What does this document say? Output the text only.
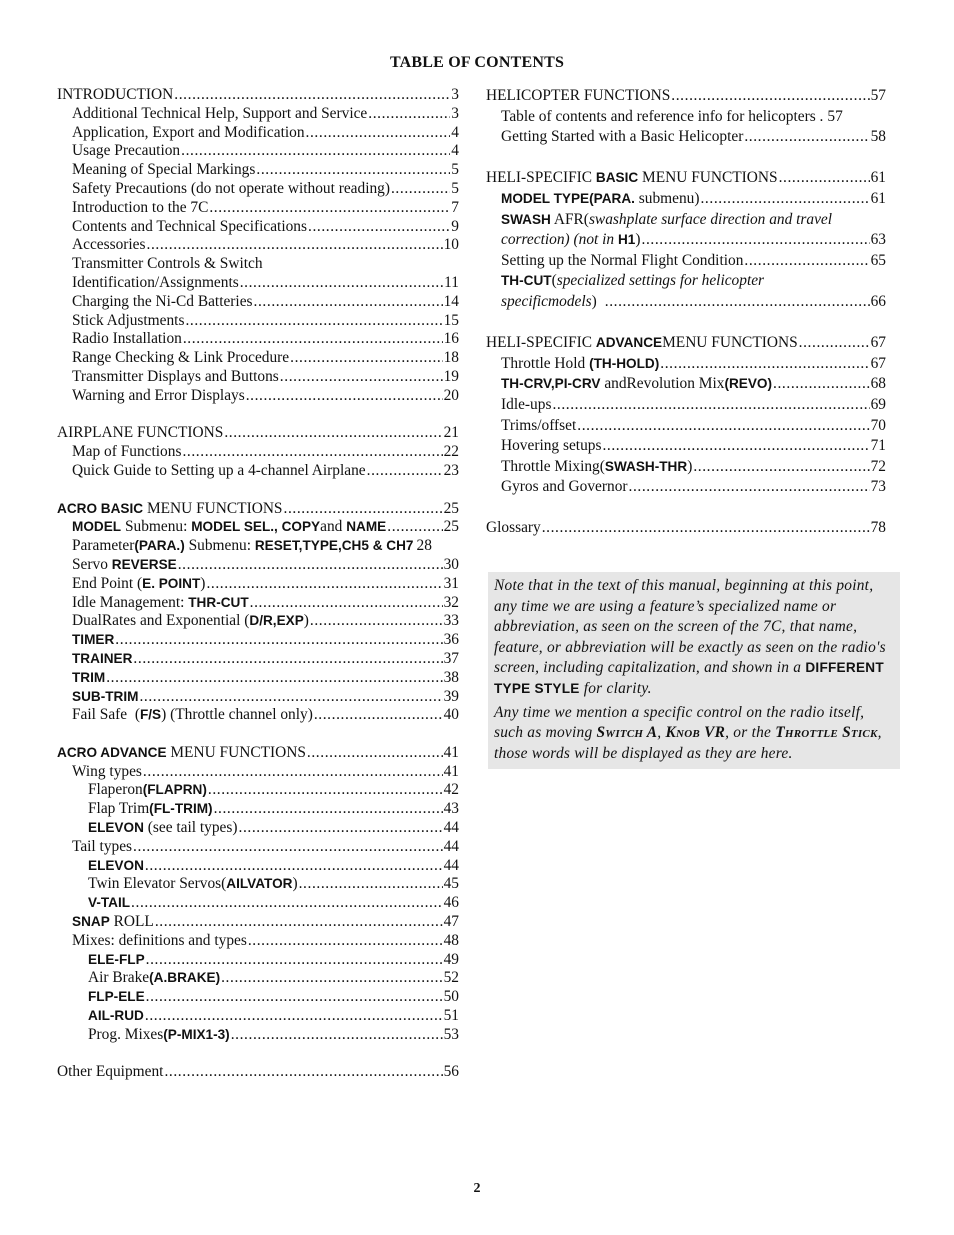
TABLE OF CONTENTS
INTRODUCTION .....	3
Additional Technical Help, Support and Service .....	3
Application, Export and Modification .....	4
Usage Precaution .....	4
Meaning of Special Markings .....	5
Safety Precautions (do not operate without reading) .....	5
Introduction to the 7C .....	7
Contents and Technical Specifications .....	9
Accessories .....	10
Transmitter Controls & Switch
Identification/Assignments .....	11
Charging the Ni-Cd Batteries .....	14
Stick Adjustments .....	15
Radio Installation .....	16
Range Checking & Link Procedure .....	18
Transmitter Displays and Buttons .....	19
Warning and Error Displays .....	20
AIRPLANE FUNCTIONS .....	21
Map of Functions .....	22
Quick Guide to Setting up a 4-channel Airplane .....	23
ACRO BASIC MENU FUNCTIONS .....	25
MODEL Submenu: MODEL SEL., COPYand NAME .....	25
Parameter(PARA.) Submenu: RESET,TYPE,CH5 & CH7 28
Servo REVERSE .....	30
End Point (E. POINT) .....	31
Idle Management: THR-CUT .....	32
DualRates and Exponential (D/R,EXP) .....	33
TIMER .....	36
TRAINER .....	37
TRIM .....	38
SUB-TRIM .....	39
Fail Safe  (F/S) (Throttle channel only) .....	40
ACRO ADVANCE MENU FUNCTIONS .....	41
Wing types .....	41
Flaperon(FLAPRN) .....	42
Flap Trim(FL-TRIM) .....	43
ELEVON (see tail types) .....	44
Tail types .....	44
ELEVON .....	44
Twin Elevator Servos(AILVATOR) .....	45
V-TAIL .....	46
SNAP ROLL .....	47
Mixes: definitions and types .....	48
ELE-FLP .....	49
Air Brake(A.BRAKE) .....	52
FLP-ELE .....	50
AIL-RUD .....	51
Prog. Mixes(P-MIX1-3) .....	53
Other Equipment .....	56
HELICOPTER FUNCTIONS .....	57
Table of contents and reference info for helicopters . 57
Getting Started with a Basic Helicopter .....	58
HELI-SPECIFIC BASIC MENU FUNCTIONS .....	61
MODEL TYPE(PARA. submenu) .....	61
SWASH AFR(swashplate surface direction and travel
correction) (not in H1) .....	63
Setting up the Normal Flight Condition .....	65
TH-CUT(specialized settings for helicopter
specificmodels) .....	66
HELI-SPECIFIC ADVANCEMENU FUNCTIONS .....	67
Throttle Hold (TH-HOLD) .....	67
TH-CRV,PI-CRV andRevolution Mix(REVO) .....	68
Idle-ups .....	69
Trims/offset .....	70
Hovering setups .....	71
Throttle Mixing(SWASH-THR) .....	72
Gyros and Governor .....	73
Glossary .....	78

Note that in the text of this manual, beginning at this point, any time we are using a feature’s specialized name or abbreviation, as seen on the screen of the 7C, that name, feature, or abbreviation will be exactly as seen on the radio's screen, including capitalization, and shown in a DIFFERENT TYPE STYLE for clarity.

Any time we mention a specific control on the radio itself, such as moving Switch A, Knob VR, or the Throttle Stick, those words will be displayed as they are here.

2
